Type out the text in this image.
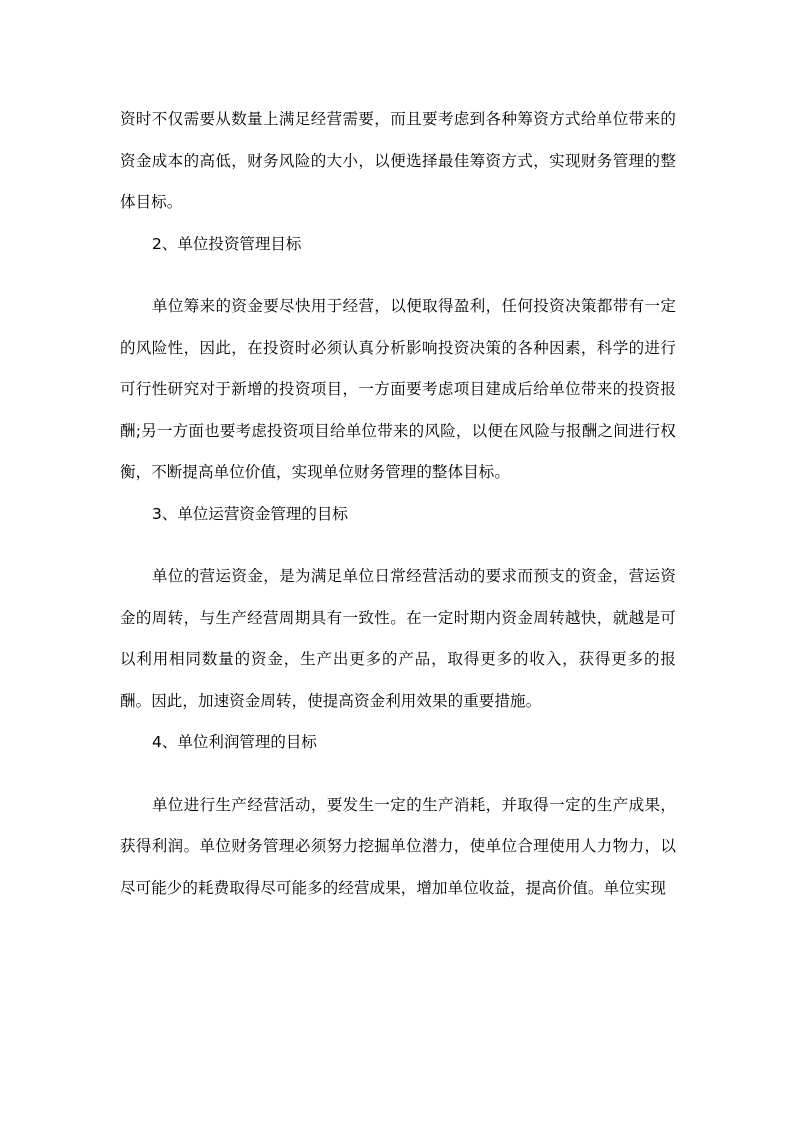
资时不仅需要从数量上满足经营需要，而且要考虑到各种筹资方式给单位带来的资金成本的高低，财务风险的大小，以便选择最佳筹资方式，实现财务管理的整体目标。

2、单位投资管理目标

单位筹来的资金要尽快用于经营，以便取得盈利，任何投资决策都带有一定的风险性，因此，在投资时必须认真分析影响投资决策的各种因素，科学的进行可行性研究对于新增的投资项目，一方面要考虑项目建成后给单位带来的投资报酬;另一方面也要考虑投资项目给单位带来的风险，以便在风险与报酬之间进行权衡，不断提高单位价值，实现单位财务管理的整体目标。

3、单位运营资金管理的目标

单位的营运资金，是为满足单位日常经营活动的要求而预支的资金，营运资金的周转，与生产经营周期具有一致性。在一定时期内资金周转越快，就越是可以利用相同数量的资金，生产出更多的产品，取得更多的收入，获得更多的报酬。因此，加速资金周转，使提高资金利用效果的重要措施。

4、单位利润管理的目标

单位进行生产经营活动，要发生一定的生产消耗，并取得一定的生产成果，获得利润。单位财务管理必须努力挖掘单位潜力，使单位合理使用人力物力，以尽可能少的耗费取得尽可能多的经营成果，增加单位收益，提高价值。单位实现
